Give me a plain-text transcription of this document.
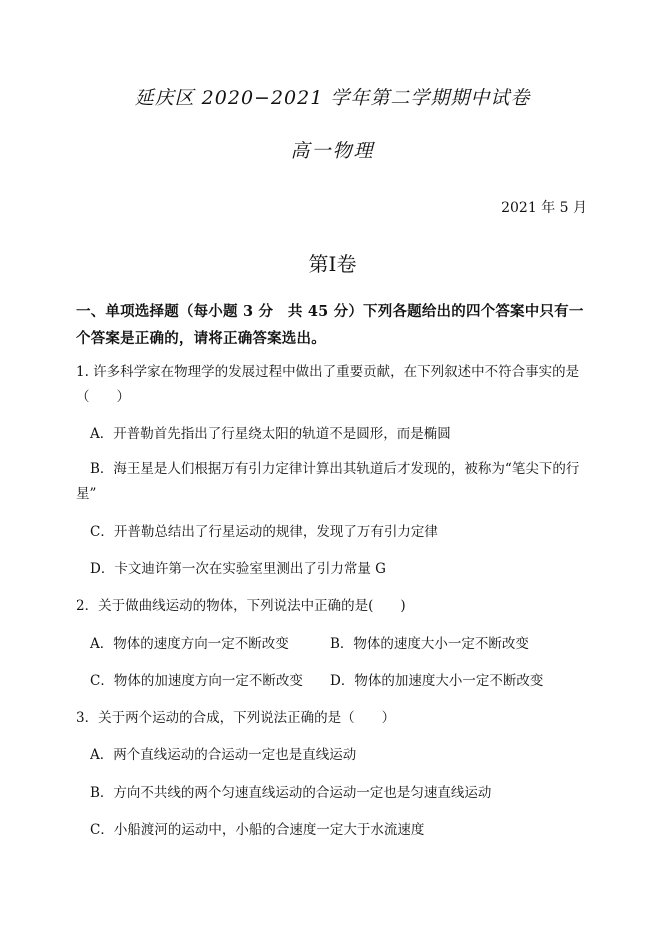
延庆区 2020−2021 学年第二学期期中试卷
高一物理
2021 年 5 月
第Ⅰ卷
一、单项选择题（每小题 3 分　共 45 分）下列各题给出的四个答案中只有一个答案是正确的，请将正确答案选出。
1. 许多科学家在物理学的发展过程中做出了重要贡献，在下列叙述中不符合事实的是（　　）
A．开普勒首先指出了行星绕太阳的轨道不是圆形，而是椭圆
B．海王星是人们根据万有引力定律计算出其轨道后才发现的，被称为“笔尖下的行星”
C．开普勒总结出了行星运动的规律，发现了万有引力定律
D．卡文迪许第一次在实验室里测出了引力常量 G
2．关于做曲线运动的物体，下列说法中正确的是(　　)
A．物体的速度方向一定不断改变	B．物体的速度大小一定不断改变
C．物体的加速度方向一定不断改变 D．物体的加速度大小一定不断改变
3．关于两个运动的合成，下列说法正确的是（　　）
A．两个直线运动的合运动一定也是直线运动
B．方向不共线的两个匀速直线运动的合运动一定也是匀速直线运动
C．小船渡河的运动中，小船的合速度一定大于水流速度
